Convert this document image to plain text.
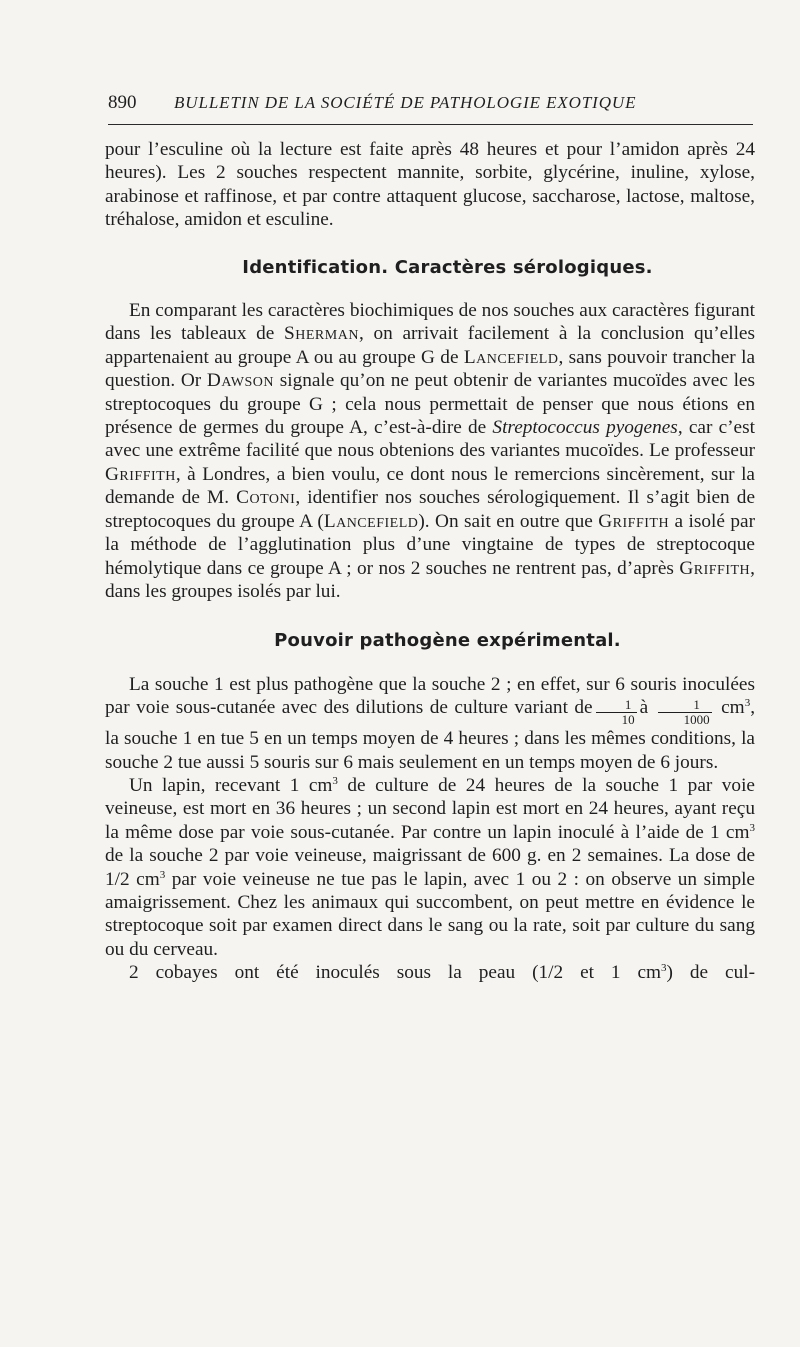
890 BULLETIN DE LA SOCIÉTÉ DE PATHOLOGIE EXOTIQUE

pour l’esculine où la lecture est faite après 48 heures et pour l’amidon après 24 heures). Les 2 souches respectent mannite, sorbite, glycérine, inuline, xylose, arabinose et raffinose, et par contre attaquent glucose, saccharose, lactose, maltose, tréhalose, amidon et esculine.

Identification. Caractères sérologiques.

En comparant les caractères biochimiques de nos souches aux caractères figurant dans les tableaux de Sherman, on arrivait facilement à la conclusion qu’elles appartenaient au groupe A ou au groupe G de Lancefield, sans pouvoir trancher la question. Or Dawson signale qu’on ne peut obtenir de variantes mucoïdes avec les streptocoques du groupe G ; cela nous permettait de penser que nous étions en présence de germes du groupe A, c’est-à-dire de Streptococcus pyogenes, car c’est avec une extrême facilité que nous obtenions des variantes mucoïdes. Le professeur Griffith, à Londres, a bien voulu, ce dont nous le remercions sincèrement, sur la demande de M. Cotoni, identifier nos souches sérologiquement. Il s’agit bien de streptocoques du groupe A (Lancefield). On sait en outre que Griffith a isolé par la méthode de l’agglutination plus d’une vingtaine de types de streptocoque hémolytique dans ce groupe A ; or nos 2 souches ne rentrent pas, d’après Griffith, dans les groupes isolés par lui.

Pouvoir pathogène expérimental.

La souche 1 est plus pathogène que la souche 2 ; en effet, sur 6 souris inoculées par voie sous-cutanée avec des dilutions de culture variant de $\frac{1}{10}$ à $\frac{1}{1000} cm^3$, la souche 1 en tue 5 en un temps moyen de 4 heures ; dans les mêmes conditions, la souche 2 tue aussi 5 souris sur 6 mais seulement en un temps moyen de 6 jours.

Un lapin, recevant 1 $cm^3$ de culture de 24 heures de la souche 1 par voie veineuse, est mort en 36 heures ; un second lapin est mort en 24 heures, ayant reçu la même dose par voie sous-cutanée. Par contre un lapin inoculé à l’aide de 1 $cm^3$ de la souche 2 par voie veineuse, maigrissant de 600 g. en 2 semaines. La dose de 1/2 $cm^3$ par voie veineuse ne tue pas le lapin, avec 1 ou 2 : on observe un simple amaigrissement. Chez les animaux qui succombent, on peut mettre en évidence le streptocoque soit par examen direct dans le sang ou la rate, soit par culture du sang ou du cerveau.

2 cobayes ont été inoculés sous la peau (1/2 et 1 $cm^3$) de cul-
